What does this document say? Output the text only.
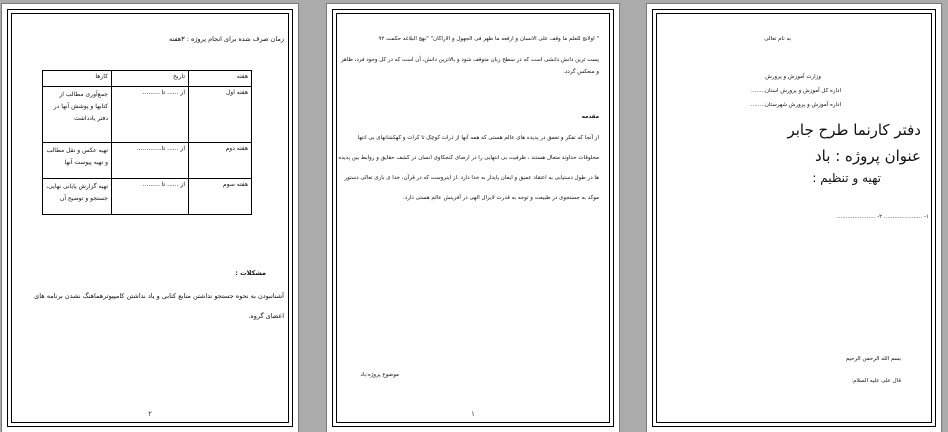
زمان صرف شده برای انجام پروژه : ۳هفته
هفته	تاریخ	کارها
هفته اول	از ...... تا .........	جمع‌آوری مطالب از کتابها و پوشش آنها در دفتر یادداشت
هفته دوم	از ...... تا.............	تهیه عکس و نقل مطالب و تهیه پیوست آنها
هفته سوم	از ...... تا .........	تهیه گزارش پایانی نهایی، جستجو و توضیح آن
مشکلات :
آشنانبودن به نحوه جستجو نداشتن منابع کتابی و یاد نداشتن کامپیوترهماهنگ نشدن برنامه های اعضای گروه.
۲
" اولانج للعلم ما وقف علی الانسان و ارفعه ما ظهر فی الجهول و الاراکان" "نهج البلاغه حکمت ۹۲
پست ترین دانش دانشی است که در سطح زبان متوقف شود و بالاترین دانش، آن است که در کل وجود فرد، ظاهر و منعکس گردد.
مقدمه
از آنجا که تفکر و تعمق در پدیده های عالم هستی که همه آنها از ذرات کوچک تا کرات و کهکشانهای بی انتها مخلوقات خداوند متعال هستند ، ظرفیت بی انتهایی را در ارضای کنجکاوی انسان در کشف حقایق و روابط بین پدیده ها در طول دستیابی به اعتقاد عمیق و ایمان پایدار به خدا دارد .از اینروست که در قرآن، خدا ی باری تعالی دستور موکد به جستجوی در طبیعت و توجه به قدرت لایزال الهی در آفرینش عالم هستی دارد.
موضوع پروژه:باد
۱
به نام تعالی
وزارت آموزش و پرورش
اداره کل آموزش و پرورش استان........
اداره آموزش و پرورش شهرستان........
دفتر کارنما طرح جابر
عنوان پروژه : باد
تهیه و تنظیم :
۱- ...................... ۲- ......................
بسم الله الرحمن الرحیم
قال علی علیه السلام:
